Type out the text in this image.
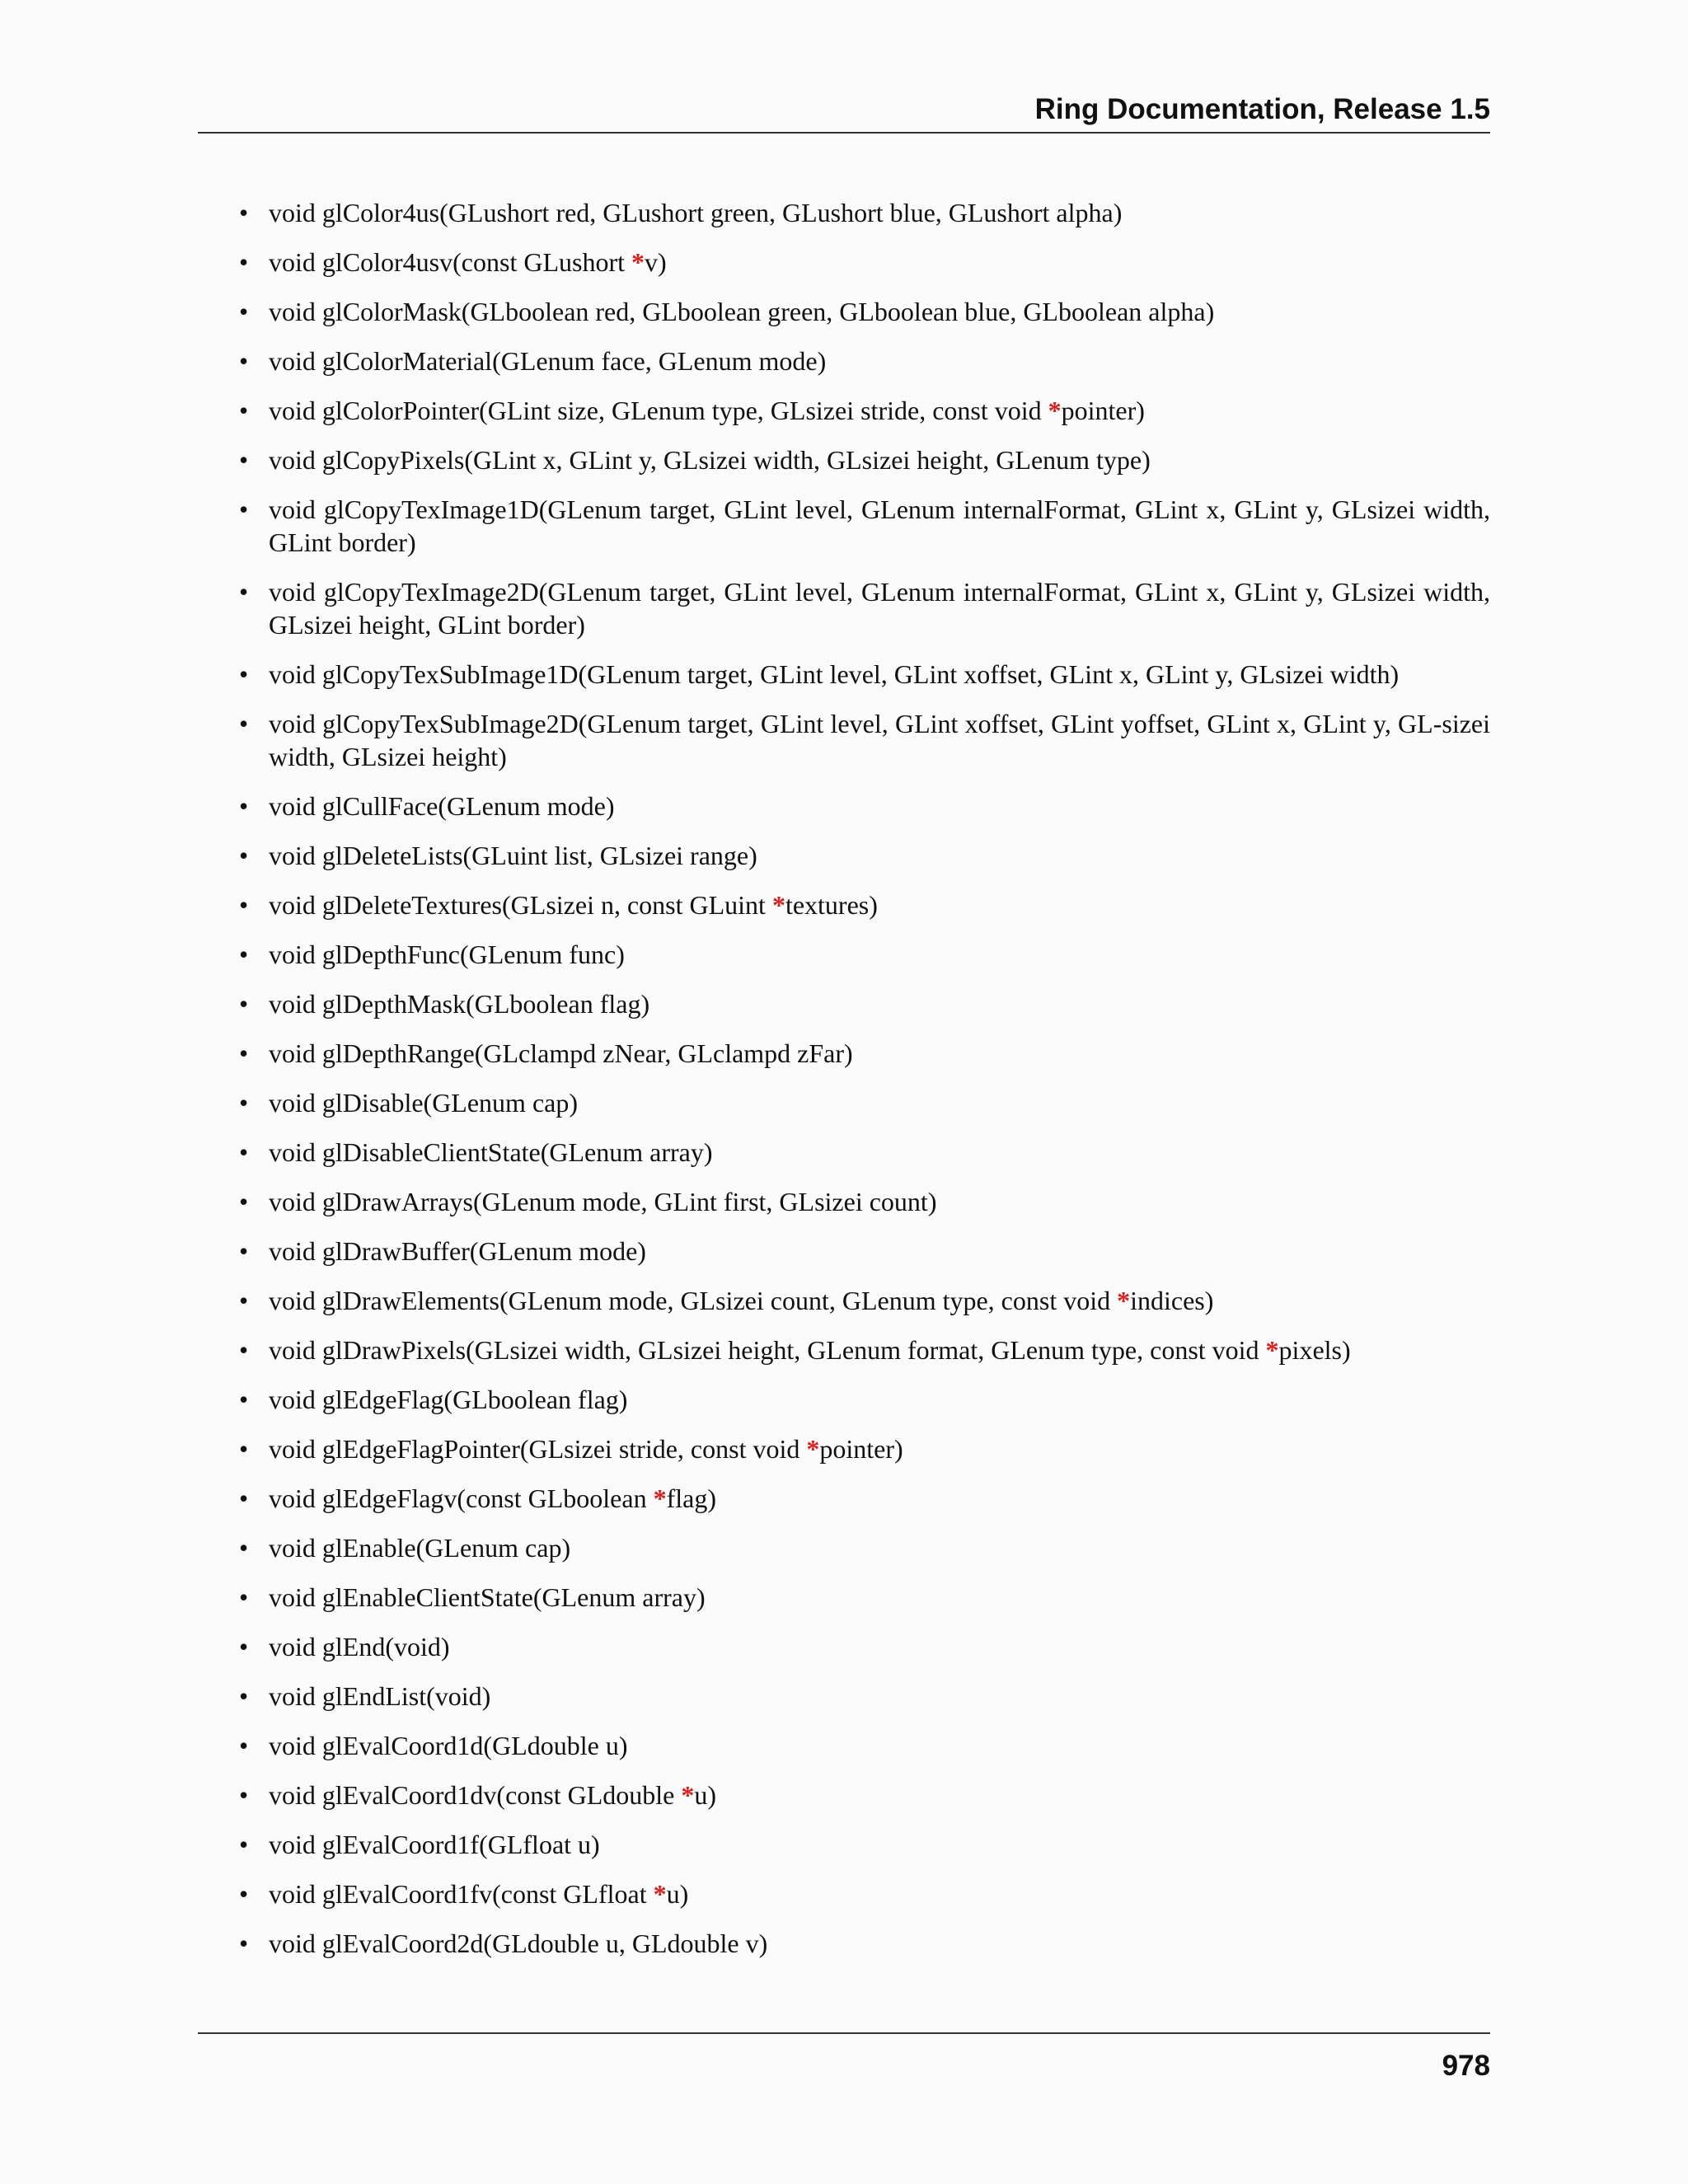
Ring Documentation, Release 1.5
• void glColor4us(GLushort red, GLushort green, GLushort blue, GLushort alpha)
• void glColor4usv(const GLushort *v)
• void glColorMask(GLboolean red, GLboolean green, GLboolean blue, GLboolean alpha)
• void glColorMaterial(GLenum face, GLenum mode)
• void glColorPointer(GLint size, GLenum type, GLsizei stride, const void *pointer)
• void glCopyPixels(GLint x, GLint y, GLsizei width, GLsizei height, GLenum type)
• void glCopyTexImage1D(GLenum target, GLint level, GLenum internalFormat, GLint x, GLint y, GLsizei width, GLint border)
• void glCopyTexImage2D(GLenum target, GLint level, GLenum internalFormat, GLint x, GLint y, GLsizei width, GLsizei height, GLint border)
• void glCopyTexSubImage1D(GLenum target, GLint level, GLint xoffset, GLint x, GLint y, GLsizei width)
• void glCopyTexSubImage2D(GLenum target, GLint level, GLint xoffset, GLint yoffset, GLint x, GLint y, GL-sizei width, GLsizei height)
• void glCullFace(GLenum mode)
• void glDeleteLists(GLuint list, GLsizei range)
• void glDeleteTextures(GLsizei n, const GLuint *textures)
• void glDepthFunc(GLenum func)
• void glDepthMask(GLboolean flag)
• void glDepthRange(GLclampd zNear, GLclampd zFar)
• void glDisable(GLenum cap)
• void glDisableClientState(GLenum array)
• void glDrawArrays(GLenum mode, GLint first, GLsizei count)
• void glDrawBuffer(GLenum mode)
• void glDrawElements(GLenum mode, GLsizei count, GLenum type, const void *indices)
• void glDrawPixels(GLsizei width, GLsizei height, GLenum format, GLenum type, const void *pixels)
• void glEdgeFlag(GLboolean flag)
• void glEdgeFlagPointer(GLsizei stride, const void *pointer)
• void glEdgeFlagv(const GLboolean *flag)
• void glEnable(GLenum cap)
• void glEnableClientState(GLenum array)
• void glEnd(void)
• void glEndList(void)
• void glEvalCoord1d(GLdouble u)
• void glEvalCoord1dv(const GLdouble *u)
• void glEvalCoord1f(GLfloat u)
• void glEvalCoord1fv(const GLfloat *u)
• void glEvalCoord2d(GLdouble u, GLdouble v)
978
